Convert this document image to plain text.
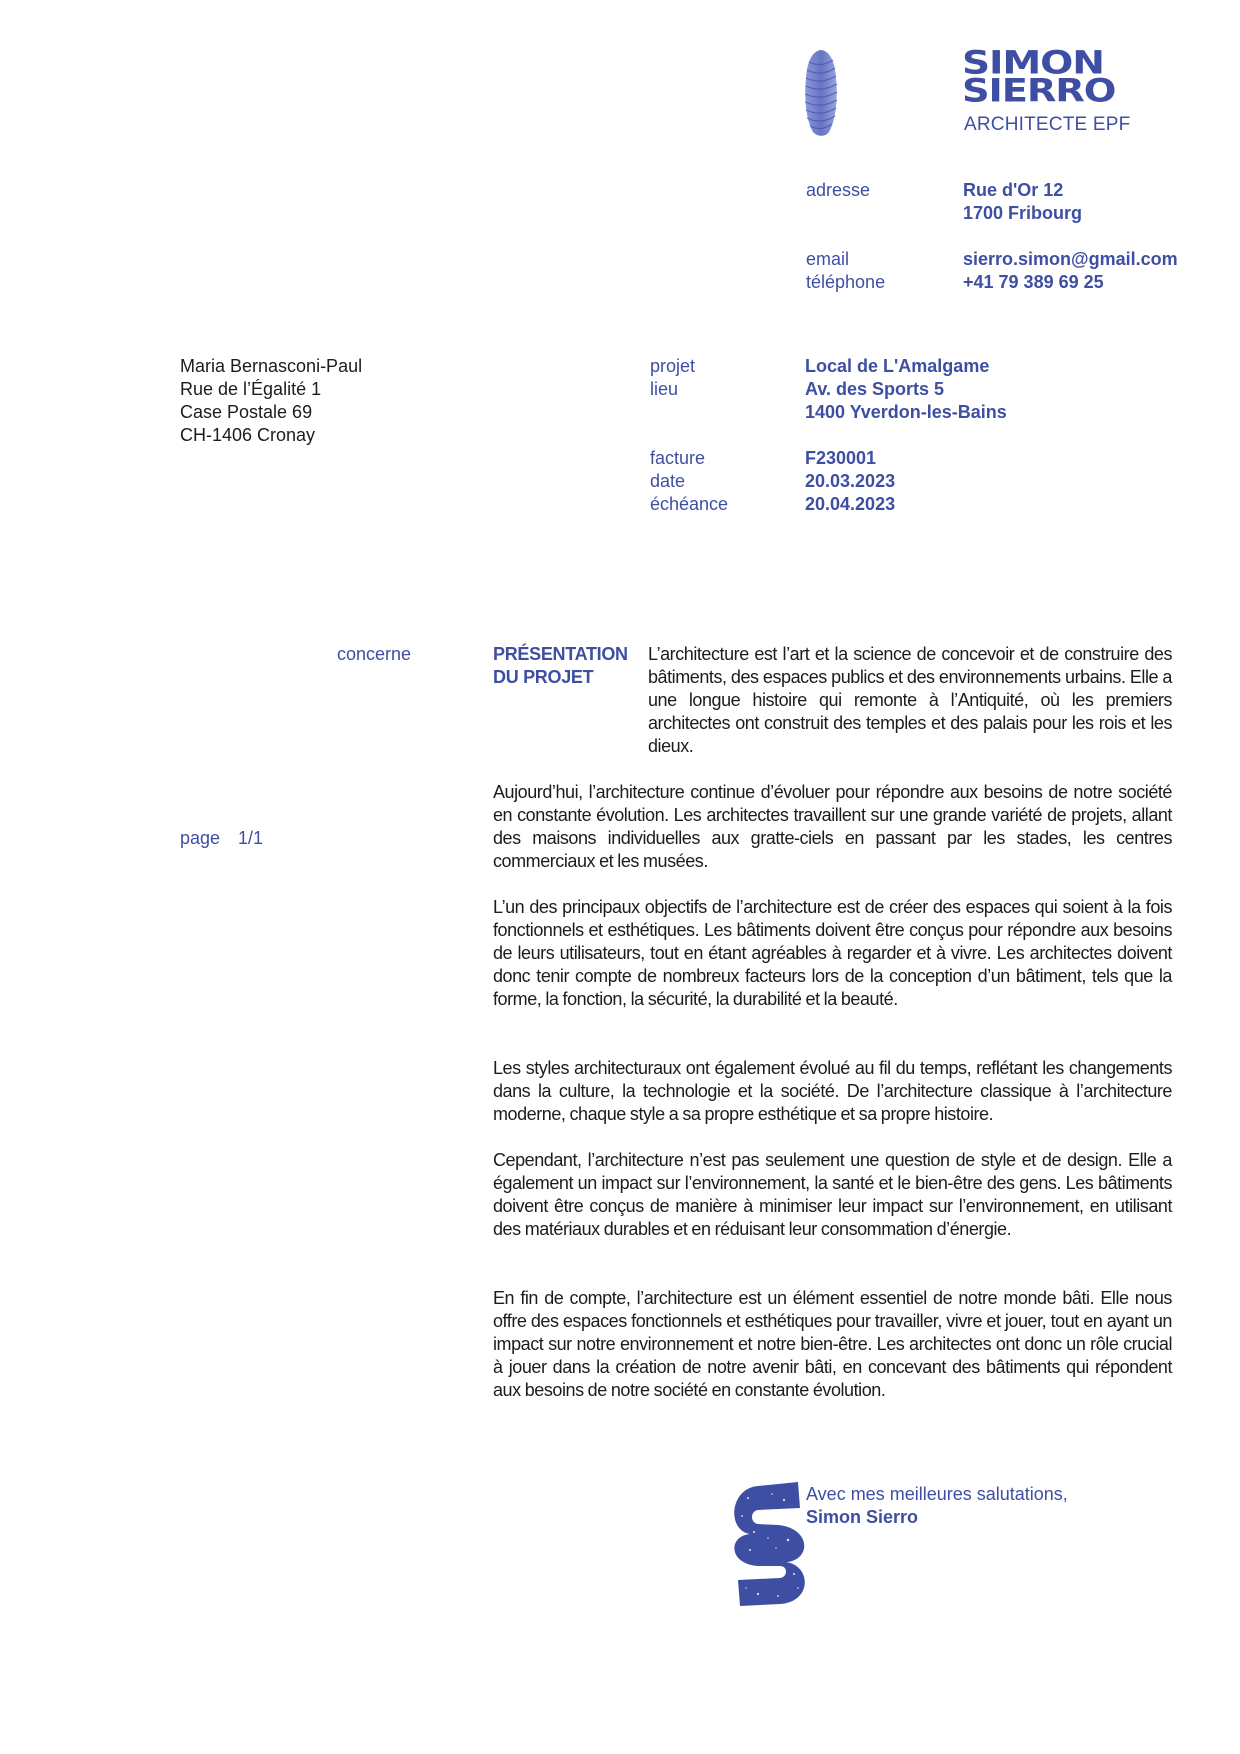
SIMON
SIERRO
ARCHITECTE EPF
adresse
email
téléphone
Rue d'Or 12
1700 Fribourg
sierro.simon@gmail.com
+41 79 389 69 25
Maria Bernasconi-Paul
Rue de l’Égalité 1
Case Postale 69
CH-1406 Cronay
projet
lieu
facture
date
échéance
Local de L'Amalgame
Av. des Sports 5
1400 Yverdon-les-Bains
F230001
20.03.2023
20.04.2023
concerne	PRÉSENTATION
DU PROJET
page 1/1

L’architecture est l’art et la science de concevoir et de construire des bâtiments, des espaces publics et des environnements urbains. Elle a une longue histoire qui remonte à l’Antiquité, où les premiers architectes ont construit des temples et des palais pour les rois et les dieux.

Aujourd’hui, l’architecture continue d’évoluer pour répondre aux besoins de notre société en constante évolution. Les architectes travaillent sur une grande variété de projets, allant des maisons individuelles aux gratte-ciels en passant par les stades, les centres commerciaux et les musées.

L’un des principaux objectifs de l’architecture est de créer des espaces qui soient à la fois fonctionnels et esthétiques. Les bâtiments doivent être conçus pour répondre aux besoins de leurs utilisateurs, tout en étant agréables à regarder et à vivre. Les architectes doivent donc tenir compte de nombreux facteurs lors de la conception d’un bâtiment, tels que la forme, la fonction, la sécurité, la durabilité et la beauté.

Les styles architecturaux ont également évolué au fil du temps, reflétant les changements dans la culture, la technologie et la société. De l’architecture classique à l’architecture moderne, chaque style a sa propre esthétique et sa propre histoire.

Cependant, l’architecture n’est pas seulement une question de style et de design. Elle a également un impact sur l’environnement, la santé et le bien-être des gens. Les bâtiments doivent être conçus de manière à minimiser leur impact sur l’environnement, en utilisant des matériaux durables et en réduisant leur consommation d’énergie.

En fin de compte, l’architecture est un élément essentiel de notre monde bâti. Elle nous offre des espaces fonctionnels et esthétiques pour travailler, vivre et jouer, tout en ayant un impact sur notre environnement et notre bien-être. Les architectes ont donc un rôle crucial à jouer dans la création de notre avenir bâti, en concevant des bâtiments qui répondent aux besoins de notre société en constante évolution.

Avec mes meilleures salutations,
Simon Sierro
